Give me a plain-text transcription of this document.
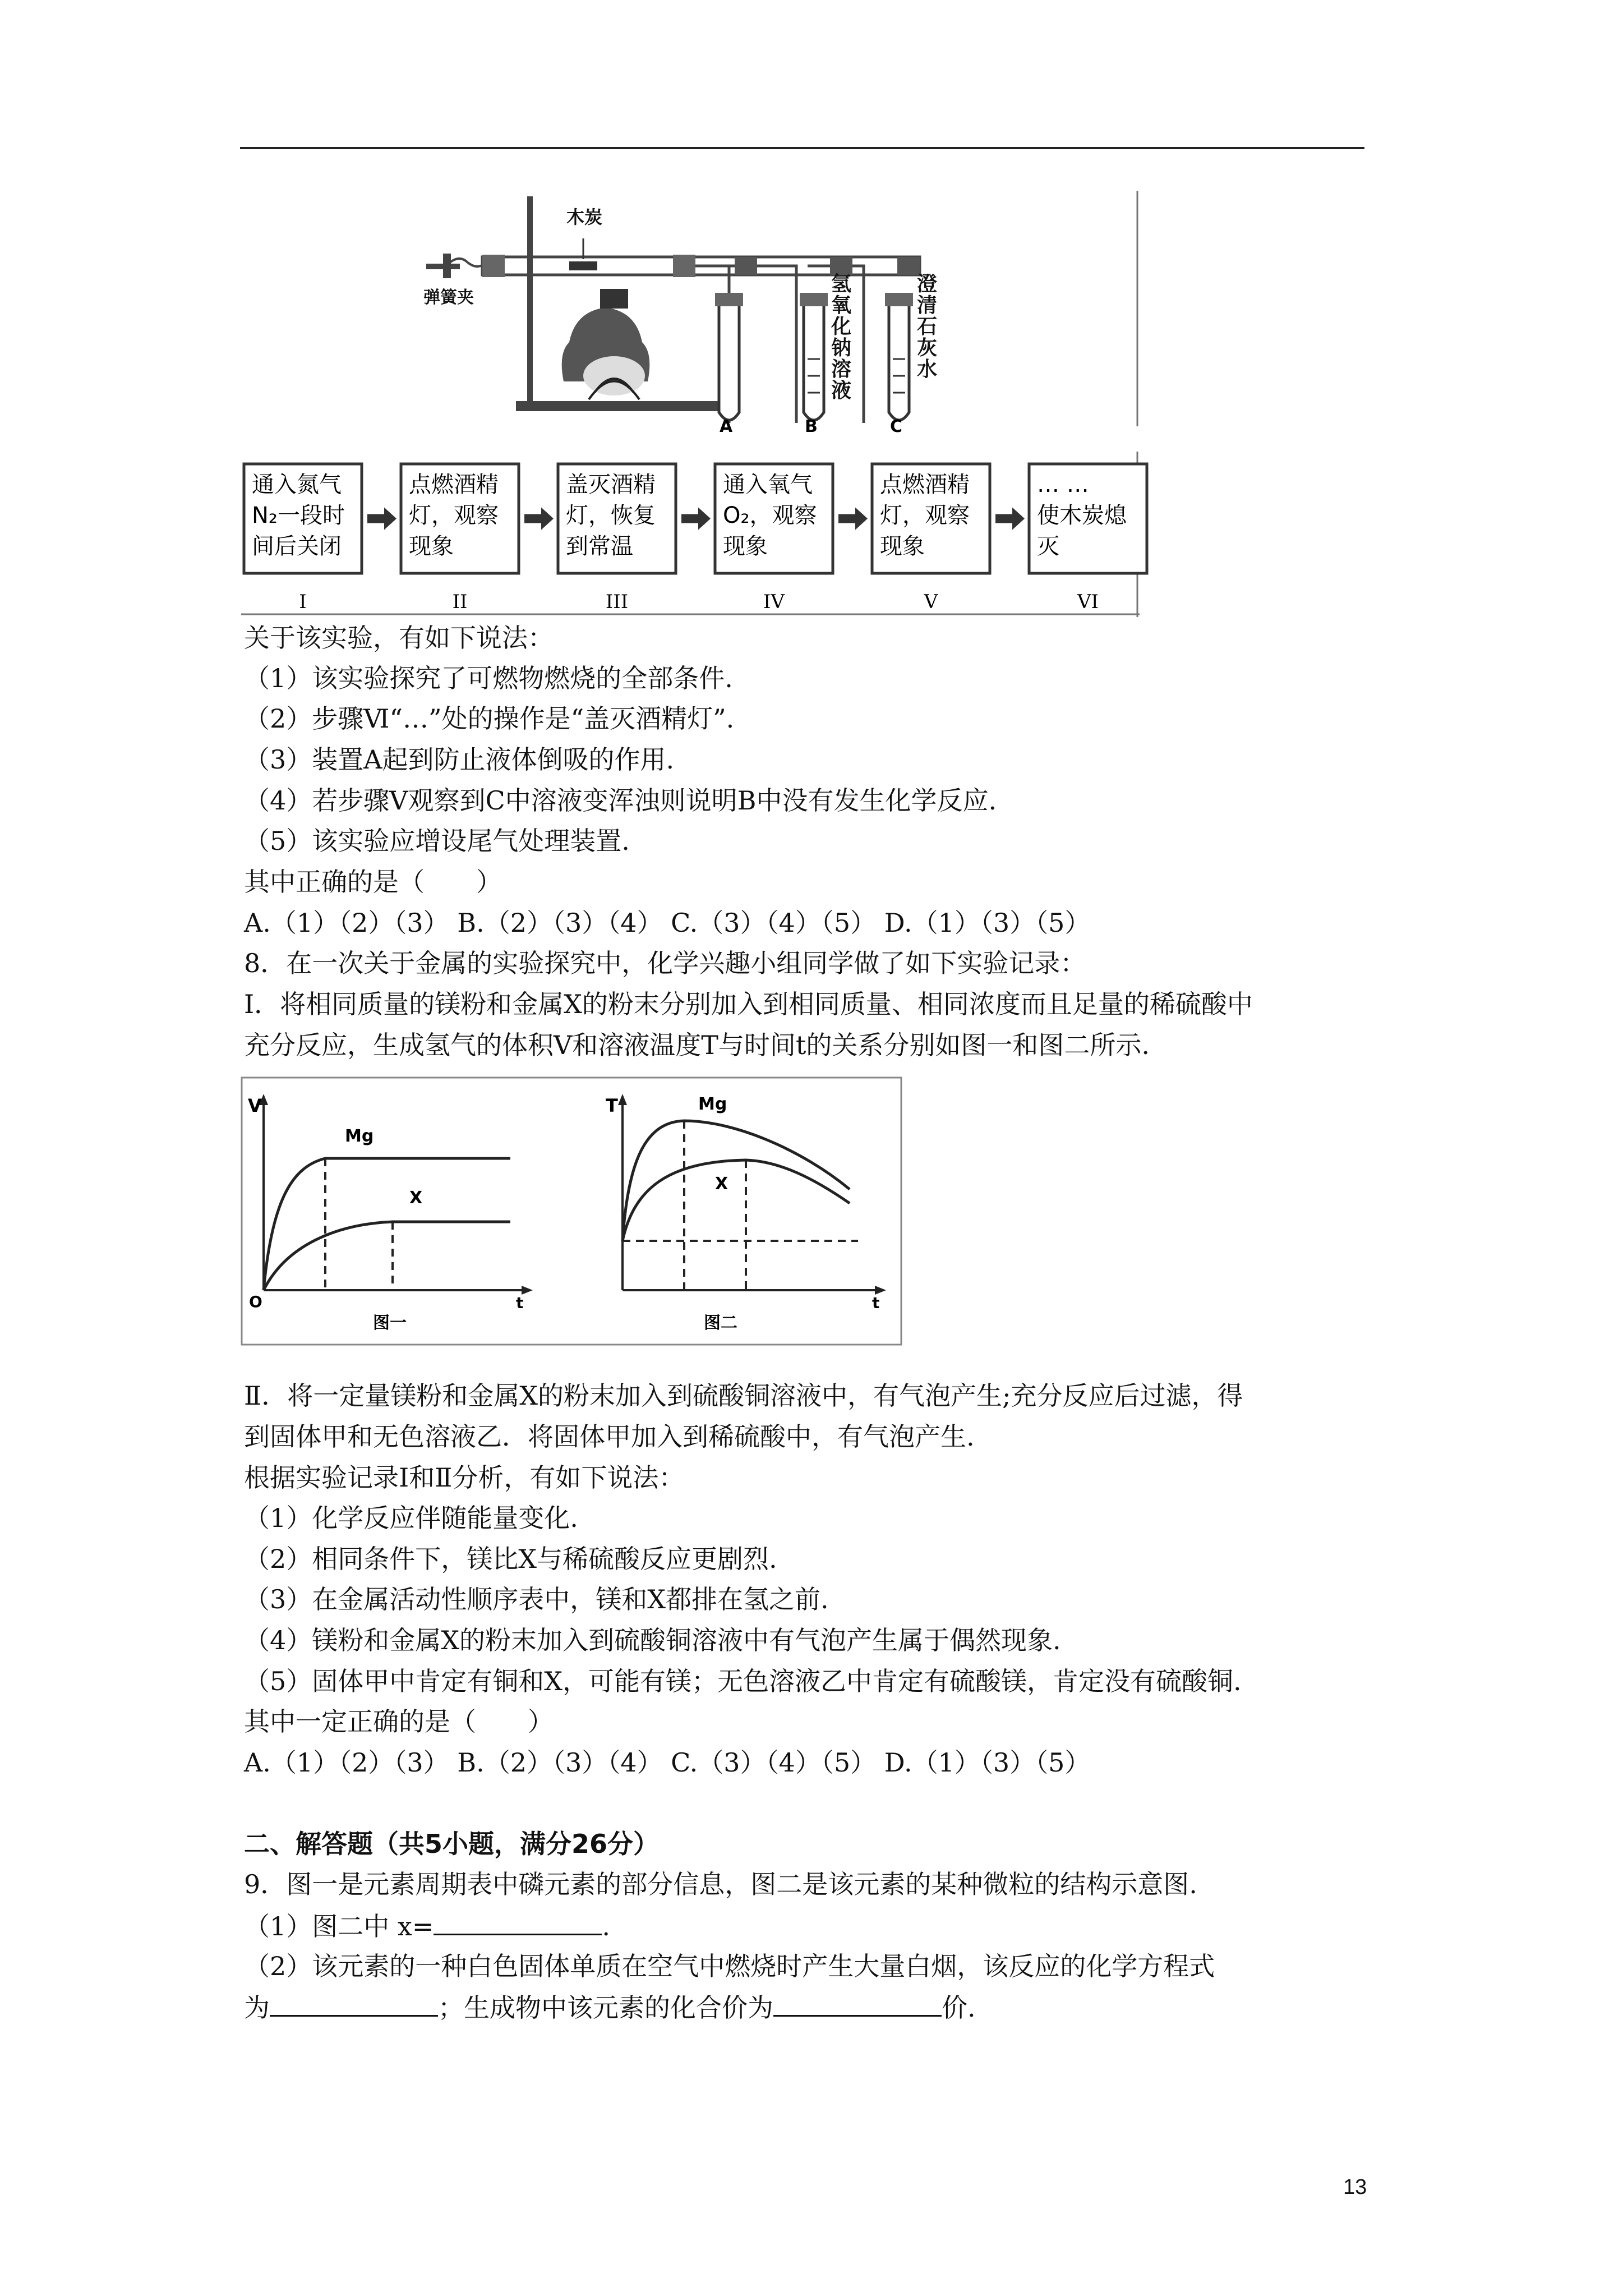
木炭
弹簧夹
A	B	C
氢
氧
化
钠
溶
液
澄
清
石
灰
水
通入氮气
N₂一段时
间后关闭
I
点燃酒精
灯，观察
现象
II
盖灭酒精
灯，恢复
到常温
III
通入氧气
O₂，观察
现象
IV
点燃酒精
灯，观察
现象
V
… …
使木炭熄
灭
VI
关于该实验，有如下说法：
（1）该实验探究了可燃物燃烧的全部条件.
（2）步骤Ⅵ“…”处的操作是“盖灭酒精灯”.
（3）装置A起到防止液体倒吸的作用.
（4）若步骤Ⅴ观察到C中溶液变浑浊则说明B中没有发生化学反应.
（5）该实验应增设尾气处理装置.
其中正确的是（　　）
A.（1）（2）（3） B.（2）（3）（4） C.（3）（4）（5） D.（1）（3）（5）
8．在一次关于金属的实验探究中，化学兴趣小组同学做了如下实验记录：
Ⅰ．将相同质量的镁粉和金属X的粉末分别加入到相同质量、相同浓度而且足量的稀硫酸中
充分反应，生成氢气的体积V和溶液温度T与时间t的关系分别如图一和图二所示.
V
Mg
X
O	t
图一
T	Mg
X
t
图二
Ⅱ．将一定量镁粉和金属X的粉末加入到硫酸铜溶液中，有气泡产生;充分反应后过滤，得
到固体甲和无色溶液乙．将固体甲加入到稀硫酸中，有气泡产生.
根据实验记录Ⅰ和Ⅱ分析，有如下说法：
（1）化学反应伴随能量变化.
（2）相同条件下，镁比X与稀硫酸反应更剧烈.
（3）在金属活动性顺序表中，镁和X都排在氢之前.
（4）镁粉和金属X的粉末加入到硫酸铜溶液中有气泡产生属于偶然现象.
（5）固体甲中肯定有铜和X，可能有镁；无色溶液乙中肯定有硫酸镁，肯定没有硫酸铜.
其中一定正确的是（　　）
A.（1）（2）（3） B.（2）（3）（4） C.（3）（4）（5） D.（1）（3）（5）
二、解答题（共5小题，满分26分）
9．图一是元素周期表中磷元素的部分信息，图二是该元素的某种微粒的结构示意图.
（1）图二中 x=	.
（2）该元素的一种白色固体单质在空气中燃烧时产生大量白烟，该反应的化学方程式
为	；生成物中该元素的化合价为	价.
13
